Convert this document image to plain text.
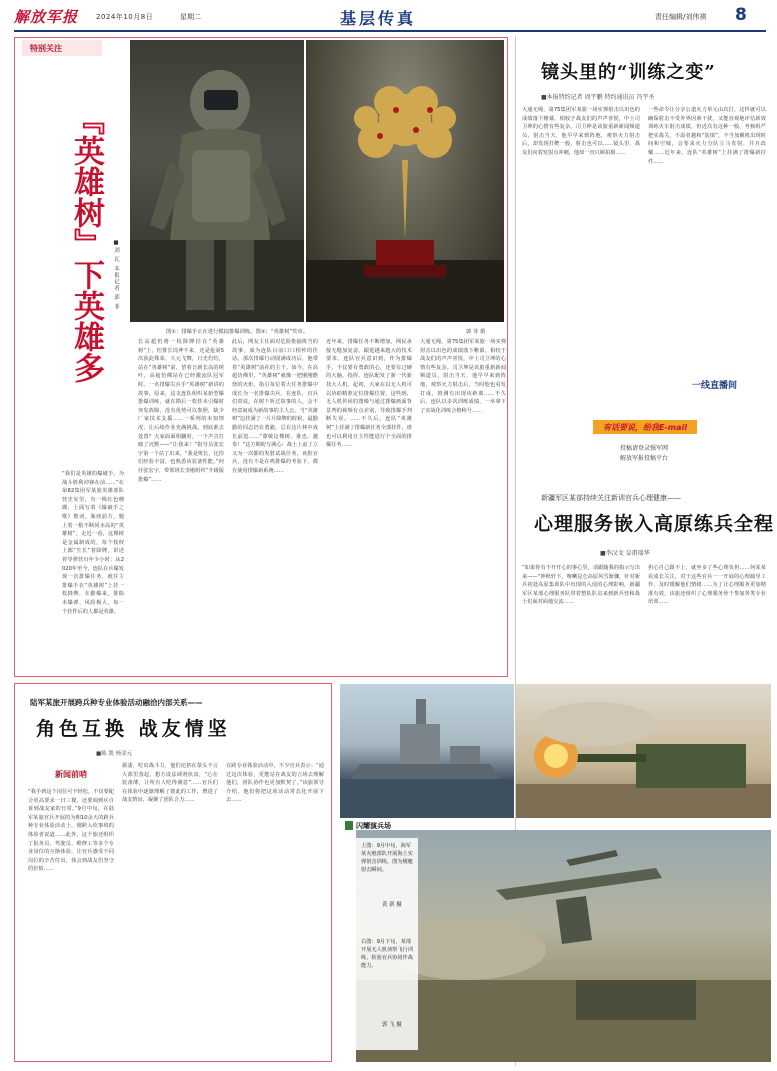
解放军报	2024年10月8日	星期二	基层传真	责任编辑/刘伟祺 8
特别关注
『英雄树』下英雄多	■刘 瓦 本报记者 郭 菲
图①：排爆手正在进行模拟排爆训练。图②：“英雄树”奖章。	郭 菲 摄
“我们是英雄的爆破手，为战斗胜利冲锋在前……”在第82集团军某旅英雄部队营史室里，有一株红色珊瑚，上面写着《爆破手之歌》歌词。瓶座前方，题上着一根不断同水高的“英雄树”。走近一看，这棵树是金属制成的，每个枝杈上都“生长”着降牌，讲述着导弹营百年少小时：从2020年至今，连队在兵爆发现一次排爆任务，就往主排爆手在“英雄树”上挂一枚降牌，在勤爆来，排除未爆弹、风险极大，每一个挂件后的人都是英雄。
长高超仍将一枚降牌挂在“英雄树”上，但排长周斧不来，还是抢第5次获此殊荣。大元飞舞，日光灼灼，站在“英雄树”前，望着日新长高的树叶，高超仿佛站在已经激流队冠军时。一名排爆尖兵手“英雄树”新讲的故事。原来，这支连队组织某新型爆排爆训练，就在勘后一枚炸未引爆时突发故障，没有优势可以参照，缺少厂家技术支援……一系列的未知情况，让后续作业充满挑战。到底谁去处置？大家面面相觑时，一个声音打破了沉默——“让我来！”指导员张宏宇第一个站了出来。“我是班长，比你们经验丰富，也熟悉该装备性能。”何任张宏宇，带领班长李刚组织“升级版排爆”……
此后，网友主任面对危险批捕班当的故事，成为连队目前口口相传的佳话。那次排爆行动圆满成功后，他带着“英雄树”前社的主干。如今，在高超仿佛里，“英雄树”就像一把刚刚燃烧的火炬，指引每位着大任务排爆中成长为一名排爆尖兵。在连队，官兵们常说，在树下听过故事的人，会不经意间成为新故事的主人公。当“英雄树”边挂满了一片片降牌的时候，最勤勤的同志仍在勇毅，总在这片林中成长前进……“尊敬这棵树，谁也，越奏！”这方期盼写满心：战士上前了立又为一次都的发射试战任务，该批官兵，没有不是在鸣排爆的考验下，都在使用排爆新系统……
近年来，排爆任务不断增加，网民承接无缝加复奋。跟进越来越大的技术要求，连队官兵意识到，作为排爆手，不仅要有勇敢的心，还要有过硬的大脑。指挥，连队配发了新一代新技大人机、起初，大家在以无人机可以协助精准定位排爆位置，这些到，无人机传回的图像与通过排爆画面背景判的视频有点差别，导致排爆手判断失误。……不久后，连队“英雄树”上挂满了排爆新任务全部挂件，谁也可以利用自主性能进行个全面的排爆任务……
大通无绳，第75集团军某旅一场实弹射击以出色的成绩落下帷幕。相较于战友们的声声喜悦，中士司卫坤的心情有些复杂。司卫坤是该旅重新新闻频道员，射击当天，他早早来到阵地，观察火力射击后，当时他也看发打成，推测有出现该距离……不久后，连队以多次训练成绩，一举拿下了实战化训练合格称号……
镜头里的“训练之变”
■本报特约记者 周宇鹏 特约通讯员 冯宇圣
大通无绳，第75集团军某旅一场实弹射击以出色的成绩落下帷幕。相较于战友们的声声喜悦，中士司卫坤的心情有些复杂。司卫坤是该旅重新新闻频道员，射击当天，他早早来到阵地，观察火力射击后，却发现打靶一般，射击也可以……镜头里，战友们向着发射点冲刺，他却一直只顾拍摄……
一些命令让分享公道火力单元由次打，这样就可以确保射击不受外界因素干扰。又能直观地评估新效训练火车射击成绩，但近次有这种一般，考核组严把实战关，不温者越和“装填”，不当加戴机出现时间和空城，会要求火力分队立马发射，并且改戴……近年来，连队“英雄树”上挂满了排爆新挂件……
一线直播间
有话要说，给我E-mail
投稿请登录强军网
解放军报投稿平台
新疆军区某部持续关注新训官兵心理健康——
心理服务嵌入高原练兵全程
■李汉文 皇甫瑞华
“如果你有不开开心的事心里，请跟随我的指示写出来——”钟秋轩下，喀喇昆仑高原风雪渐骤，针对新兵初赴高原集训队中出现的入侵的心理影响，新疆军区某部心理服务队带着整队队员来到新兵营和战士们面对面地交流……
担心自己跟不上，就坐多了些心理负担……何某某看成长关注，对于这些官兵一一开展的心理疏导工作，及时缓解他们情绪……为了让心理服务更加精准有效，该旅还组织了心理服务骨干参加各类专业培训……
陆军某旅开展跨兵种专业体验活动融洽内部关系——
角色互换 战友情坚
■陈 凯 杨金元
新闻前哨
“我手到这个岗位可不轻松，不仅要配合更高要求一日三餐，还要调到兵自诉到战友家的日常。”9月中旬，在陆军某旅官兵开展的为期10余天的跨兵种专业体验活动上，刚跨入炊事班的体验者说道……此外，这个旅还组织了报务员、驾驶员、维修工等多个专业岗位的互换体验，让官兵感受不同岗位的辛苦付出，体会到战友们坚守的价值……
握凄，吃出战斗力，他们还挤在蒙头不言大部里蒸起，想方设法调剂伙食，“心在装备薄，让所有人吃得满意”……官兵们在体验中逐渐理解了彼此的工作，增进了战友情谊，凝聚了团队合力……
在跨专业体验活动中，不少官兵表示：“通过这次体验，更能站在战友的立场去理解他们，团队协作也更加默契了。”该旅领导介绍，他们将把这项活动常态化开展下去……
闪耀演兵场
上图：9月中旬，海军某火炮部队开展海上实弹射击训练，图为舰艇射击瞬间。
黄 新 摄
右图：9月下旬，某部开展无人机侦察飞行训练，检验官兵协同作战能力。
郭 飞 摄
